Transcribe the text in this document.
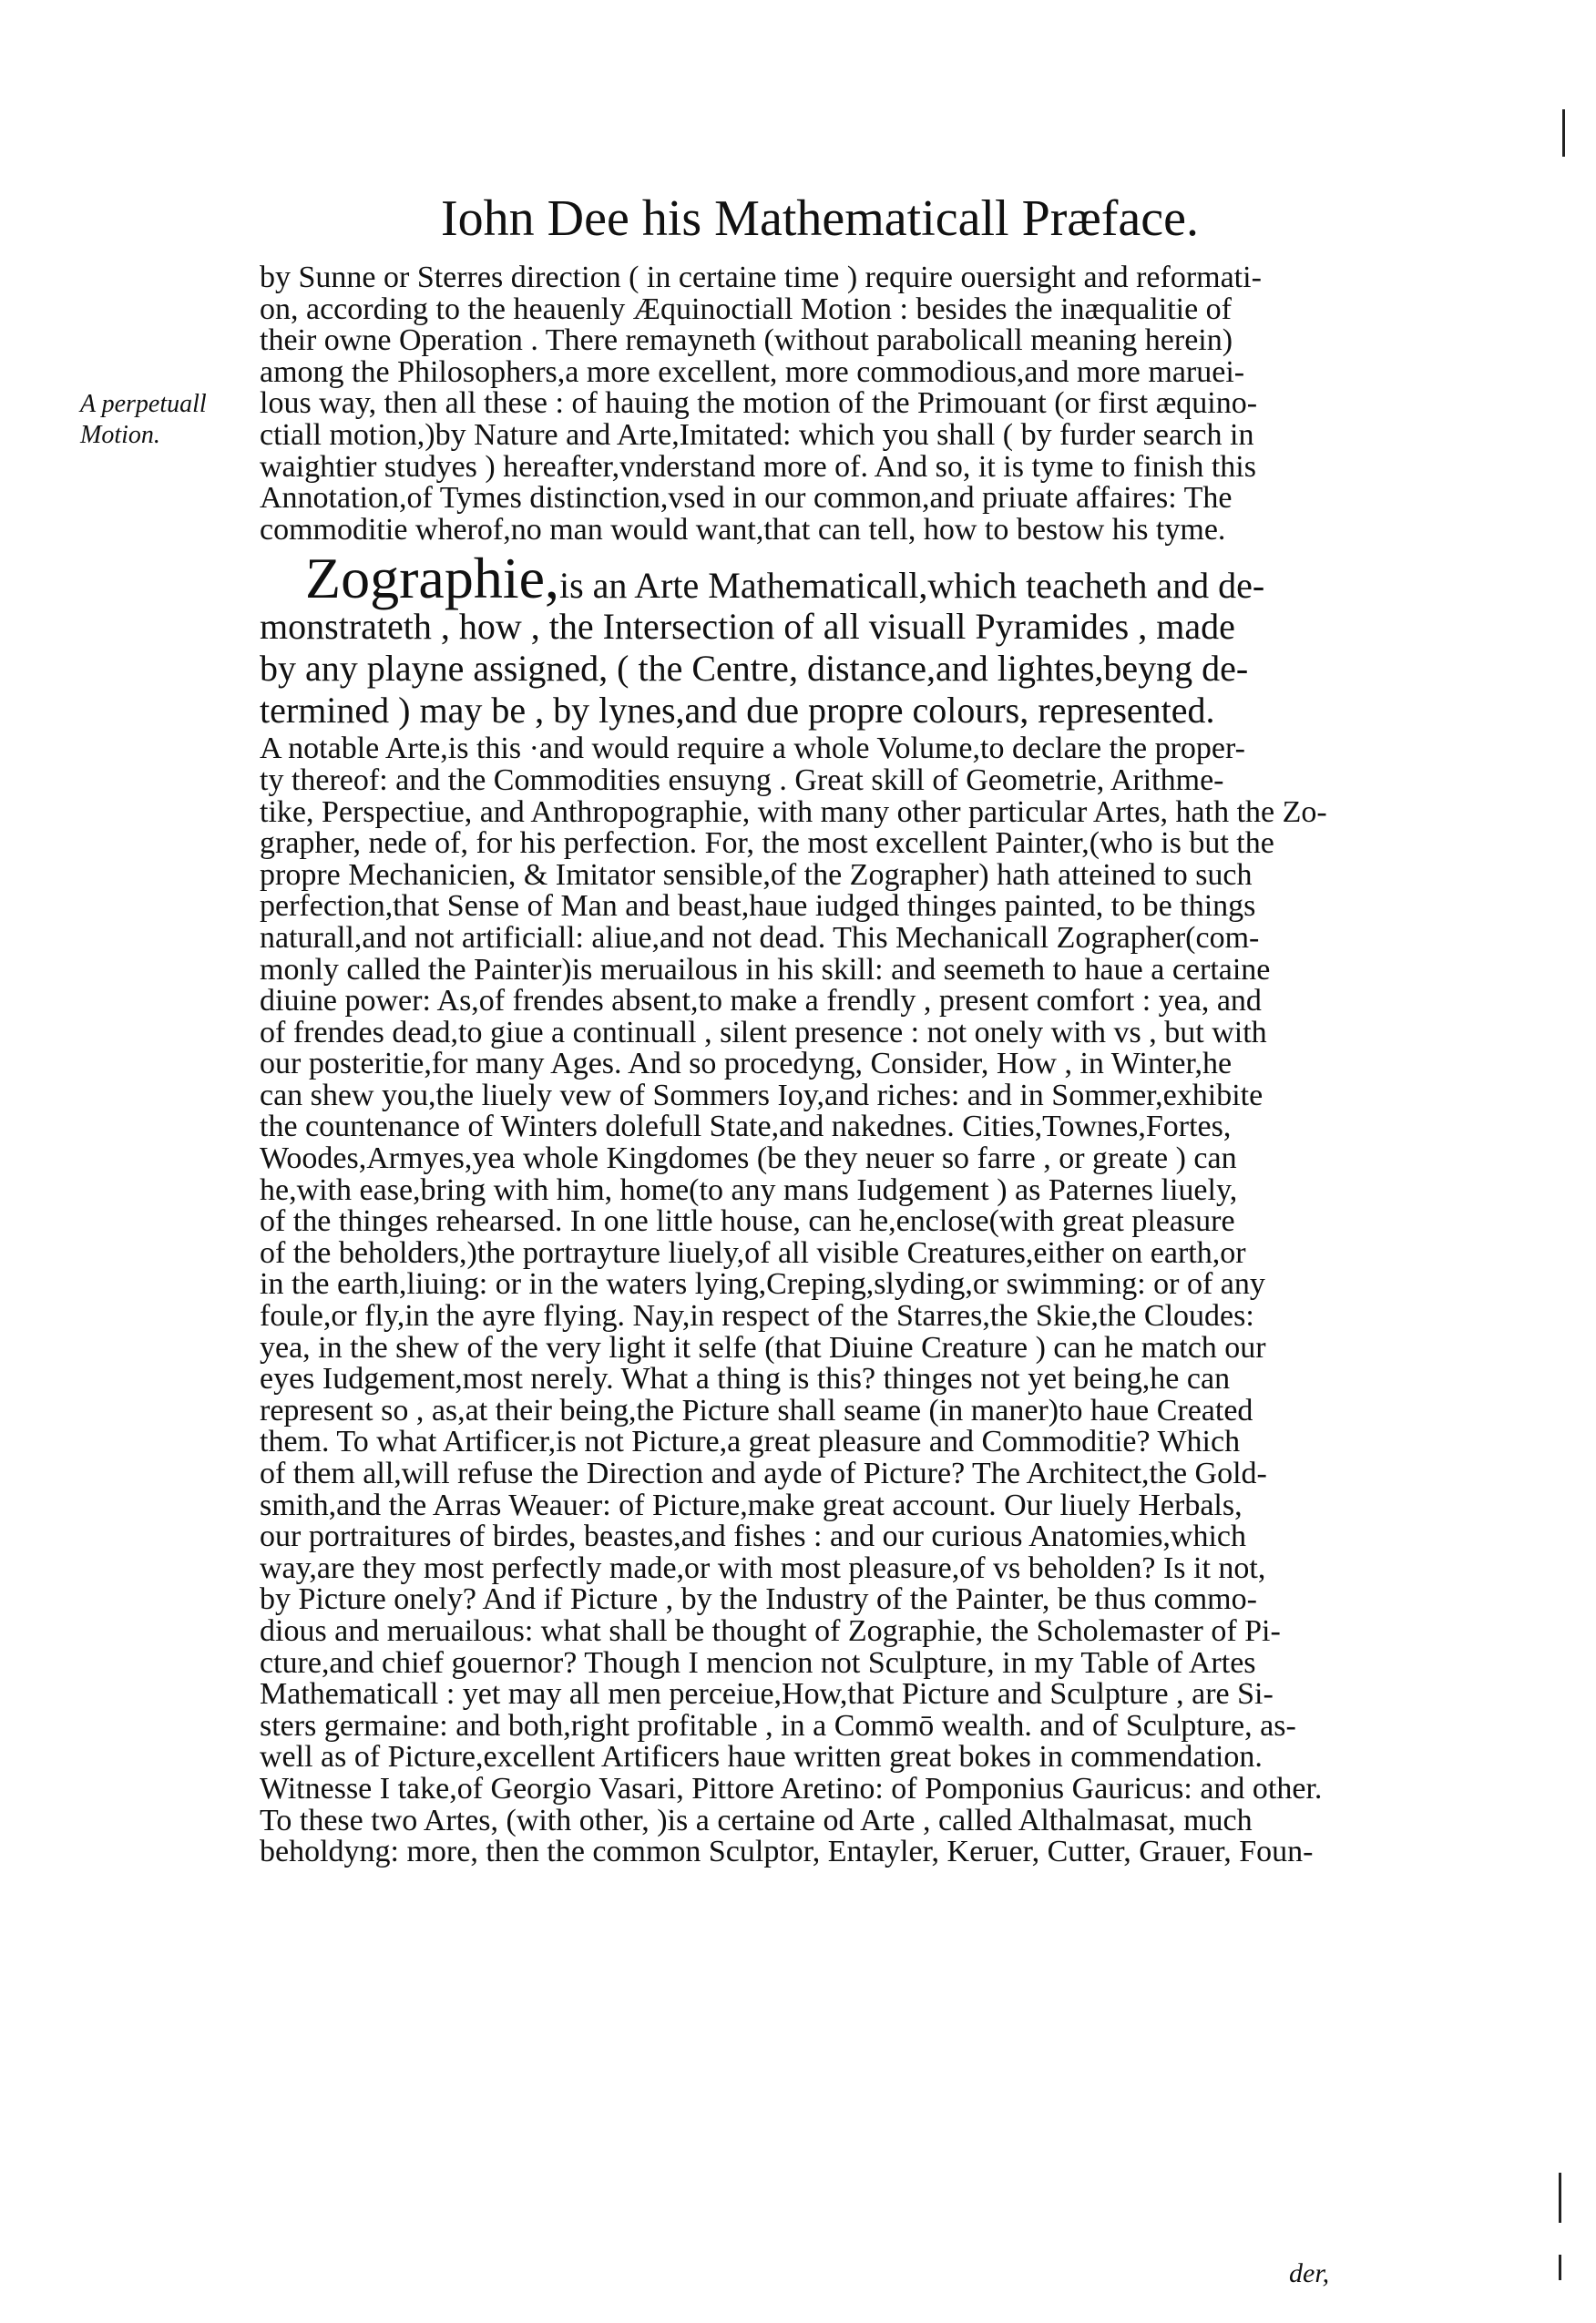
Iohn Dee his Mathematicall Præface.
A perpetuall
Motion.
by Sunne or Sterres direction ( in certaine time ) require ouersight and reformati-
on, according to the heauenly Æquinoctiall Motion : besides the inæqualitie of
their owne Operation . There remayneth (without parabolicall meaning herein)
among the Philosophers,a more excellent, more commodious,and more maruei-
lous way, then all these : of hauing the motion of the Primouant (or first æquino-
ctiall motion,)by Nature and Arte,Imitated: which you shall ( by furder search in
waightier studyes ) hereafter,vnderstand more of. And so, it is tyme to finish this
Annotation,of Tymes distinction,vsed in our common,and priuate affaires: The
commoditie wherof,no man would want,that can tell, how to bestow his tyme.
Zographie,is an Arte Mathematicall,which teacheth and de-
monstrateth , how , the Intersection of all visuall Pyramides , made
by any playne assigned, ( the Centre, distance,and lightes,beyng de-
termined ) may be , by lynes,and due propre colours, represented.
A notable Arte,is this ·and would require a whole Volume,to declare the proper-
ty thereof: and the Commodities ensuyng . Great skill of Geometrie, Arithme-
tike, Perspectiue, and Anthropographie, with many other particular Artes, hath the Zo-
grapher, nede of, for his perfection. For, the most excellent Painter,(who is but the
propre Mechanicien, & Imitator sensible,of the Zographer) hath atteined to such
perfection,that Sense of Man and beast,haue iudged thinges painted, to be things
naturall,and not artificiall: aliue,and not dead. This Mechanicall Zographer(com-
monly called the Painter)is meruailous in his skill: and seemeth to haue a certaine
diuine power: As,of frendes absent,to make a frendly , present comfort : yea, and
of frendes dead,to giue a continuall , silent presence : not onely with vs , but with
our posteritie,for many Ages. And so procedyng, Consider, How , in Winter,he
can shew you,the liuely vew of Sommers Ioy,and riches: and in Sommer,exhibite
the countenance of Winters dolefull State,and nakednes. Cities,Townes,Fortes,
Woodes,Armyes,yea whole Kingdomes (be they neuer so farre , or greate ) can
he,with ease,bring with him, home(to any mans Iudgement ) as Paternes liuely,
of the thinges rehearsed. In one little house, can he,enclose(with great pleasure
of the beholders,)the portrayture liuely,of all visible Creatures,either on earth,or
in the earth,liuing: or in the waters lying,Creping,slyding,or swimming: or of any
foule,or fly,in the ayre flying. Nay,in respect of the Starres,the Skie,the Cloudes:
yea, in the shew of the very light it selfe (that Diuine Creature ) can he match our
eyes Iudgement,most nerely. What a thing is this? thinges not yet being,he can
represent so , as,at their being,the Picture shall seame (in maner)to haue Created
them. To what Artificer,is not Picture,a great pleasure and Commoditie? Which
of them all,will refuse the Direction and ayde of Picture? The Architect,the Gold-
smith,and the Arras Weauer: of Picture,make great account. Our liuely Herbals,
our portraitures of birdes, beastes,and fishes : and our curious Anatomies,which
way,are they most perfectly made,or with most pleasure,of vs beholden? Is it not,
by Picture onely? And if Picture , by the Industry of the Painter, be thus commo-
dious and meruailous: what shall be thought of Zographie, the Scholemaster of Pi-
cture,and chief gouernor? Though I mencion not Sculpture, in my Table of Artes
Mathematicall : yet may all men perceiue,How,that Picture and Sculpture , are Si-
sters germaine: and both,right profitable , in a Commō wealth. and of Sculpture, as-
well as of Picture,excellent Artificers haue written great bokes in commendation.
Witnesse I take,of Georgio Vasari, Pittore Aretino: of Pomponius Gauricus: and other.
To these two Artes, (with other, )is a certaine od Arte , called Althalmasat, much
beholdyng: more, then the common Sculptor, Entayler, Keruer, Cutter, Grauer, Foun-
der,
